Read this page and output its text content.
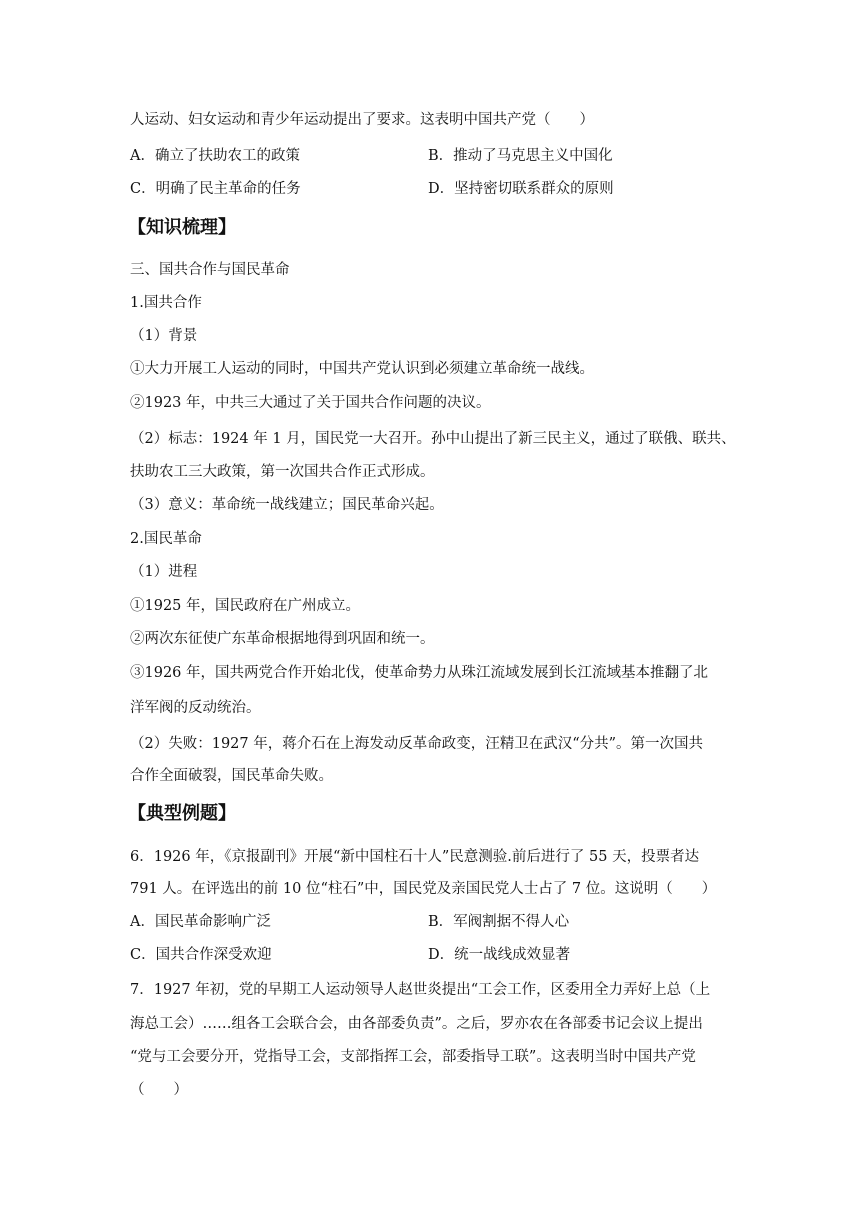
人运动、妇女运动和青少年运动提出了要求。这表明中国共产党（　　）
A．确立了扶助农工的政策	B．推动了马克思主义中国化
C．明确了民主革命的任务	D．坚持密切联系群众的原则
【知识梳理】
三、国共合作与国民革命
1.国共合作
（1）背景
①大力开展工人运动的同时，中国共产党认识到必须建立革命统一战线。
②1923 年，中共三大通过了关于国共合作问题的决议。
（2）标志：1924 年 1 月，国民党一大召开。孙中山提出了新三民主义，通过了联俄、联共、
扶助农工三大政策，第一次国共合作正式形成。
（3）意义：革命统一战线建立；国民革命兴起。
2.国民革命
（1）进程
①1925 年，国民政府在广州成立。
②两次东征使广东革命根据地得到巩固和统一。
③1926 年，国共两党合作开始北伐，使革命势力从珠江流域发展到长江流域基本推翻了北
洋军阀的反动统治。
（2）失败：1927 年，蒋介石在上海发动反革命政变，汪精卫在武汉“分共”。第一次国共
合作全面破裂，国民革命失败。
【典型例题】
6．1926 年，《京报副刊》开展“新中国柱石十人”民意测验.前后进行了 55 天，投票者达
791 人。在评选出的前 10 位“柱石”中，国民党及亲国民党人士占了 7 位。这说明（　　）
A．国民革命影响广泛	B．军阀割据不得人心
C．国共合作深受欢迎	D．统一战线成效显著
7．1927 年初，党的早期工人运动领导人赵世炎提出“工会工作，区委用全力弄好上总（上
海总工会）……组各工会联合会，由各部委负责”。之后，罗亦农在各部委书记会议上提出
“党与工会要分开，党指导工会，支部指挥工会，部委指导工联”。这表明当时中国共产党
（　　）
